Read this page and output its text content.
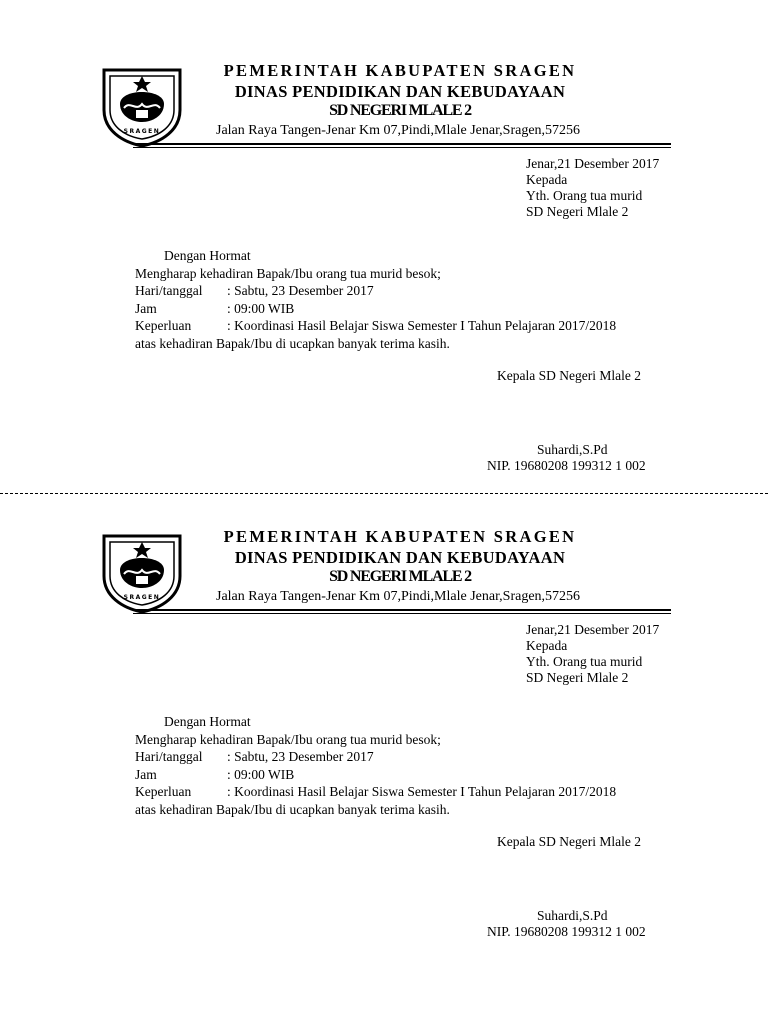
SRAGEN
PEMERINTAH KABUPATEN SRAGEN
DINAS PENDIDIKAN DAN KEBUDAYAAN
SD NEGERI MLALE 2
Jalan Raya Tangen-Jenar Km 07,Pindi,Mlale Jenar,Sragen,57256
Jenar,21 Desember 2017
Kepada
Yth. Orang tua murid
SD Negeri Mlale 2
Dengan Hormat
Mengharap kehadiran Bapak/Ibu orang tua murid besok;
Hari/tanggal : Sabtu, 23 Desember 2017
Jam	: 09:00 WIB
Keperluan	: Koordinasi Hasil Belajar Siswa Semester I Tahun Pelajaran 2017/2018
atas kehadiran Bapak/Ibu di ucapkan banyak terima kasih.
Kepala SD Negeri Mlale 2
Suhardi,S.Pd
NIP. 19680208 199312 1 002
SRAGEN
PEMERINTAH KABUPATEN SRAGEN
DINAS PENDIDIKAN DAN KEBUDAYAAN
SD NEGERI MLALE 2
Jalan Raya Tangen-Jenar Km 07,Pindi,Mlale Jenar,Sragen,57256
Jenar,21 Desember 2017
Kepada
Yth. Orang tua murid
SD Negeri Mlale 2
Dengan Hormat
Mengharap kehadiran Bapak/Ibu orang tua murid besok;
Hari/tanggal : Sabtu, 23 Desember 2017
Jam	: 09:00 WIB
Keperluan	: Koordinasi Hasil Belajar Siswa Semester I Tahun Pelajaran 2017/2018
atas kehadiran Bapak/Ibu di ucapkan banyak terima kasih.
Kepala SD Negeri Mlale 2
Suhardi,S.Pd
NIP. 19680208 199312 1 002
